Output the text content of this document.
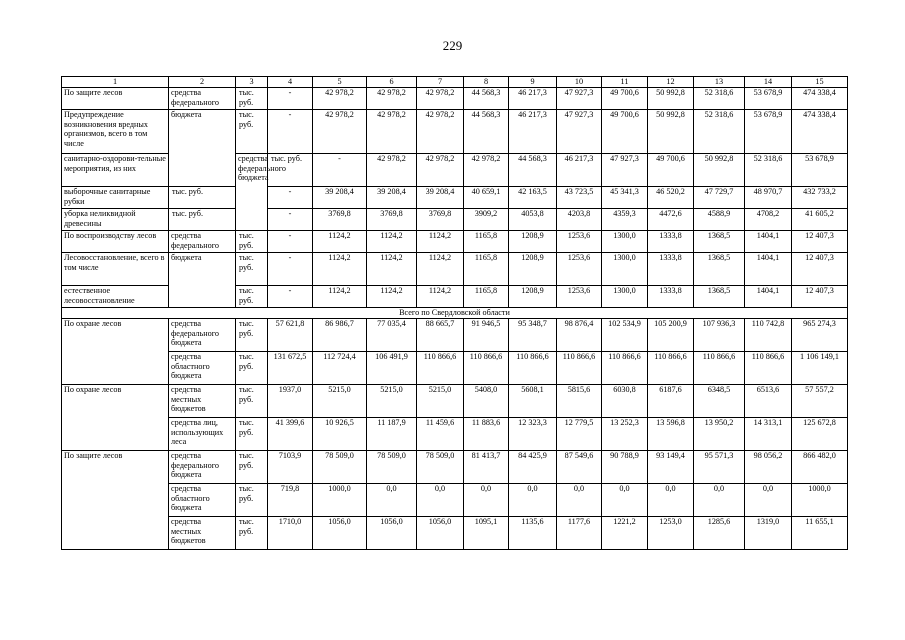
229
1	2	3	4	5	6	7	8	9	10	11	12	13	14	15	
По защите лесов	средства федерального	тыс. руб.	-	42 978,2	42 978,2	42 978,2	44 568,3	46 217,3	47 927,3	49 700,6	50 992,8	52 318,6	53 678,9	474 338,4	
Предупреждение возникновения вредных организмов, всего в том числе	бюджета	тыс. руб.	-	42 978,2	42 978,2	42 978,2	44 568,3	46 217,3	47 927,3	49 700,6	50 992,8	52 318,6	53 678,9	474 338,4	
санитарно-оздорови-тельные мероприятия, из них		средства федерального бюджета	тыс. руб.	-	42 978,2	42 978,2	42 978,2	44 568,3	46 217,3	47 927,3	49 700,6	50 992,8	52 318,6	53 678,9	
выборочные санитарные рубки	тыс. руб.		-	39 208,4	39 208,4	39 208,4	40 659,1	42 163,5	43 723,5	45 341,3	46 520,2	47 729,7	48 970,7	432 733,2	
уборка неликвидной древесины	тыс. руб.		-	3769,8	3769,8	3769,8	3909,2	4053,8	4203,8	4359,3	4472,6	4588,9	4708,2	41 605,2	
По воспроизводству лесов	средства федерального	тыс. руб.	-	1124,2	1124,2	1124,2	1165,8	1208,9	1253,6	1300,0	1333,8	1368,5	1404,1	12 407,3	
Лесовосстановление, всего в том числе	бюджета	тыс. руб.	-	1124,2	1124,2	1124,2	1165,8	1208,9	1253,6	1300,0	1333,8	1368,5	1404,1	12 407,3	
естественное лесовосстановление		тыс. руб.	-	1124,2	1124,2	1124,2	1165,8	1208,9	1253,6	1300,0	1333,8	1368,5	1404,1	12 407,3	
Всего по Свердловской области															
По охране лесов	средства федерального бюджета	тыс. руб.	57 621,8	86 986,7	77 035,4	88 665,7	91 946,5	95 348,7	98 876,4	102 534,9	105 200,9	107 936,3	110 742,8	965 274,3	
	средства областного бюджета	тыс. руб.	131 672,5	112 724,4	106 491,9	110 866,6	110 866,6	110 866,6	110 866,6	110 866,6	110 866,6	110 866,6	110 866,6	1 106 149,1	
По охране лесов	средства местных бюджетов	тыс. руб.	1937,0	5215,0	5215,0	5215,0	5408,0	5608,1	5815,6	6030,8	6187,6	6348,5	6513,6	57 557,2	
	средства лиц, использующих леса	тыс. руб.	41 399,6	10 926,5	11 187,9	11 459,6	11 883,6	12 323,3	12 779,5	13 252,3	13 596,8	13 950,2	14 313,1	125 672,8	
По защите лесов	средства федерального бюджета	тыс. руб.	7103,9	78 509,0	78 509,0	78 509,0	81 413,7	84 425,9	87 549,6	90 788,9	93 149,4	95 571,3	98 056,2	866 482,0	
	средства областного бюджета	тыс. руб.	719,8	1000,0	0,0	0,0	0,0	0,0	0,0	0,0	0,0	0,0	0,0	1000,0	
	средства местных бюджетов	тыс. руб.	1710,0	1056,0	1056,0	1056,0	1095,1	1135,6	1177,6	1221,2	1253,0	1285,6	1319,0	11 655,1	
